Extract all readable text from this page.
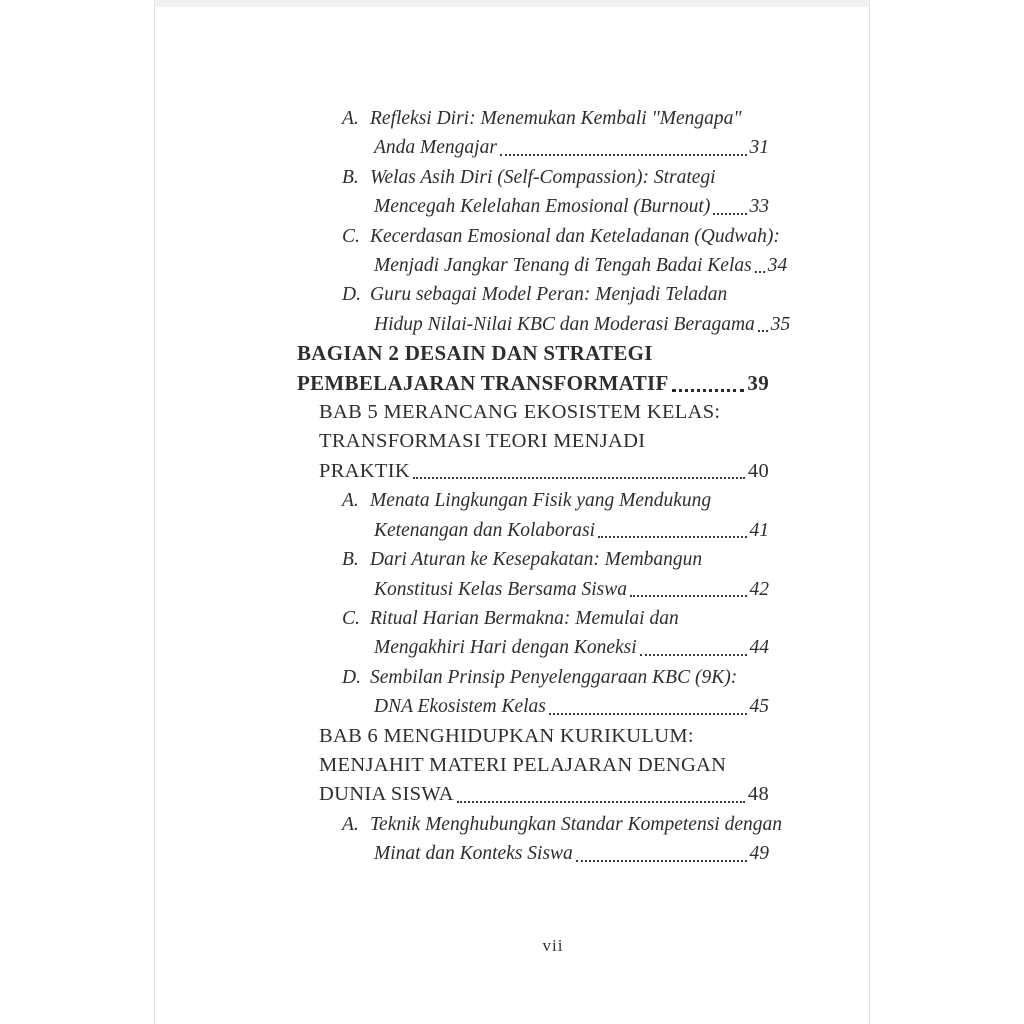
A. Refleksi Diri: Menemukan Kembali "Mengapa"
Anda Mengajar	31
B. Welas Asih Diri (Self-Compassion): Strategi
Mencegah Kelelahan Emosional (Burnout) 33
C. Kecerdasan Emosional dan Keteladanan (Qudwah):
Menjadi Jangkar Tenang di Tengah Badai Kelas 34
D. Guru sebagai Model Peran: Menjadi Teladan
Hidup Nilai-Nilai KBC dan Moderasi Beragama 35
BAGIAN 2 DESAIN DAN STRATEGI
PEMBELAJARAN TRANSFORMATIF	39
BAB 5 MERANCANG EKOSISTEM KELAS:
TRANSFORMASI TEORI MENJADI
PRAKTIK	40
A. Menata Lingkungan Fisik yang Mendukung
Ketenangan dan Kolaborasi	41
B. Dari Aturan ke Kesepakatan: Membangun
Konstitusi Kelas Bersama Siswa	42
C. Ritual Harian Bermakna: Memulai dan
Mengakhiri Hari dengan Koneksi	44
D. Sembilan Prinsip Penyelenggaraan KBC (9K):
DNA Ekosistem Kelas	45
BAB 6 MENGHIDUPKAN KURIKULUM:
MENJAHIT MATERI PELAJARAN DENGAN
DUNIA SISWA	48
A. Teknik Menghubungkan Standar Kompetensi dengan
Minat dan Konteks Siswa	49
vii
